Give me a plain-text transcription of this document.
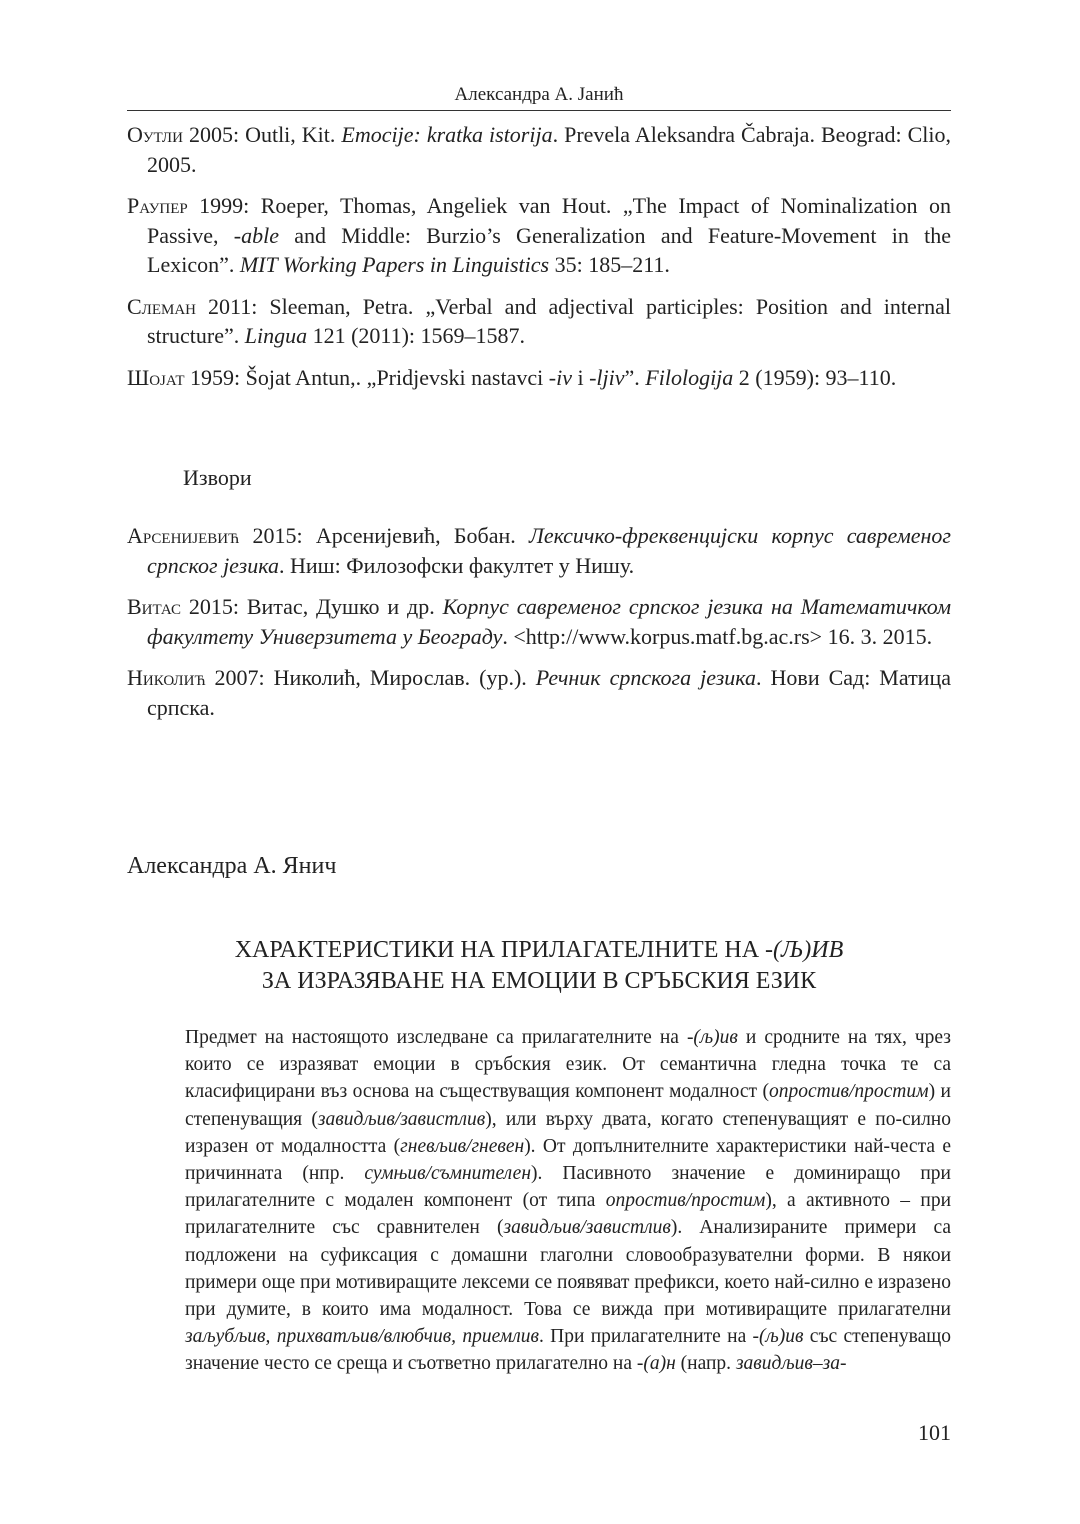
Александра А. Јанић
Оутли 2005: Outli, Kit. Emocije: kratka istorija. Prevela Aleksandra Čabraja. Beograd: Clio, 2005.
Раупер 1999: Roeper, Thomas, Angeliek van Hout. „The Impact of Nominalization on Passive, -able and Middle: Burzio’s Generalization and Feature-Movement in the Lexicon”. MIT Working Papers in Linguistics 35: 185–211.
Слеман 2011: Sleeman, Petra. „Verbal and adjectival participles: Position and internal structure”. Lingua 121 (2011): 1569–1587.
Шојат 1959: Šojat Antun,. „Pridjevski nastavci -iv i -ljiv”. Filologija 2 (1959): 93–110.
Извори
Арсенијевић 2015: Арсенијевић, Бобан. Лексичко-фреквенцијски корпус савременог српског језика. Ниш: Филозофски факултет у Нишу.
Витас 2015: Витас, Душко и др. Корпус савременог српског језика на Математичком факултету Универзитета у Београду. <http://www.korpus.matf.bg.ac.rs> 16. 3. 2015.
Николић 2007: Николић, Мирослав. (ур.). Речник српскога језика. Нови Сад: Матица српска.
Александра А. Янич
ХАРАКТЕРИСТИКИ НА ПРИЛАГАТЕЛНИТЕ НА -(Љ)ИВ
ЗА ИЗРАЗЯВАНЕ НА ЕМОЦИИ В СРЪБСКИЯ ЕЗИК
Предмет на настоящото изследване са прилагателните на -(љ)ив и сродните на тях, чрез които се изразяват емоции в сръбския език. От семантична гледна точка те са класифицирани въз основа на съществуващия компонент модалност (опростив/простим) и степенуващия (завидљив/завистлив), или върху двата, когато степенуващият е по-силно изразен от модалността (гневљив/гневен). От допълнителните характеристики най-честа е причинната (нпр. сумњив/съмнителен). Пасивното значение е доминиращо при прилагателните с модален компонент (от типа опростив/простим), а активното – при прилагателните със сравнителен (завидљив/завистлив). Анализираните примери са подложени на суфиксация с домашни глаголни словообразувателни форми. В някои примери още при мотивиращите лексеми се появяват префикси, което най-силно е изразено при думите, в които има модалност. Това се вижда при мотивиращите прилагателни заљубљив, прихватљив/влюбчив, приемлив. При прилагателните на -(љ)ив със степенуващо значение често се среща и съответно прилагателно на -(а)н (напр. завидљив–за-
101
